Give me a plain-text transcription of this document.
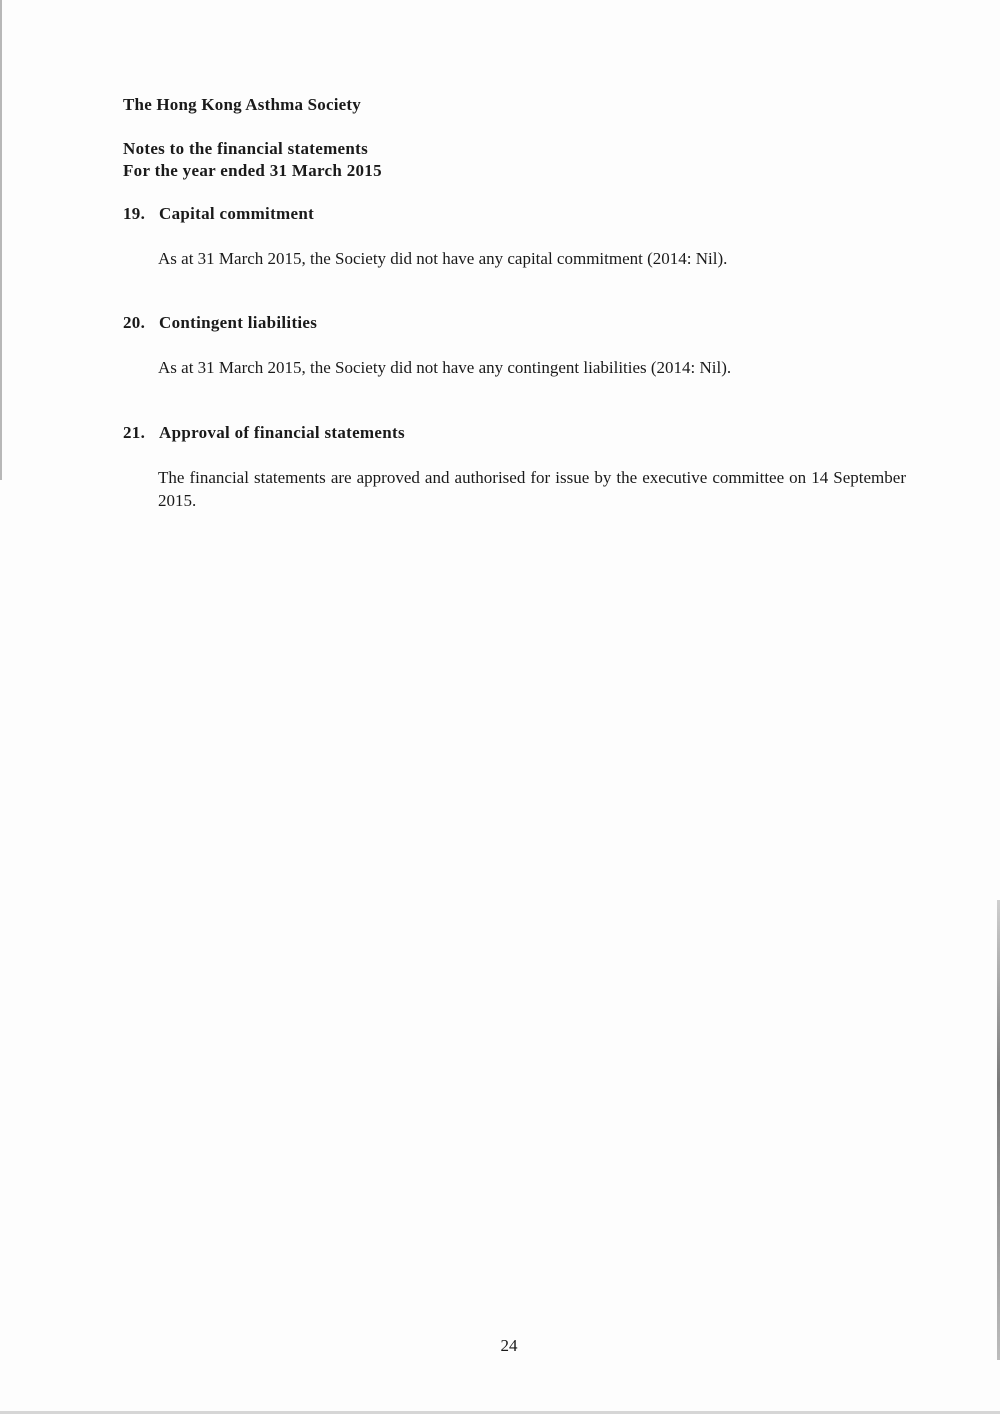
The Hong Kong Asthma Society
Notes to the financial statements
For the year ended 31 March 2015
19. Capital commitment
As at 31 March 2015, the Society did not have any capital commitment (2014: Nil).
20. Contingent liabilities
As at 31 March 2015, the Society did not have any contingent liabilities (2014: Nil).
21. Approval of financial statements
The financial statements are approved and authorised for issue by the executive committee on 14 September 2015.
24
